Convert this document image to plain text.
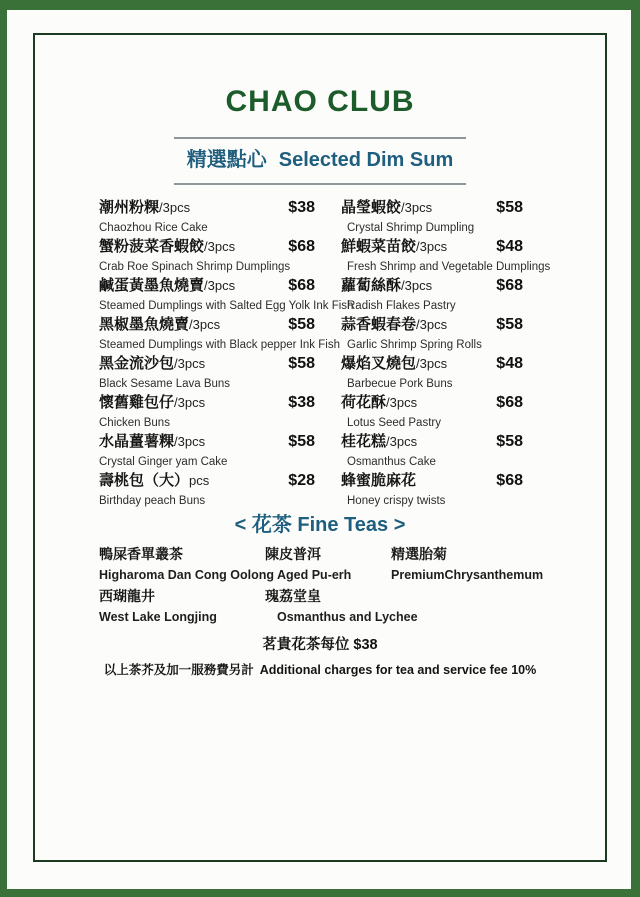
CHAO CLUB
精選點心 Selected Dim Sum
潮州粉粿 /3pcs	$38
Chaozhou Rice Cake
蟹粉菠菜香蝦餃 /3pcs	$68
Crab Roe Spinach Shrimp Dumplings
鹹蛋黃墨魚燒賣 /3pcs	$68
Steamed Dumplings with Salted Egg Yolk Ink Fish
黑椒墨魚燒賣 /3pcs	$58
Steamed Dumplings with Black pepper Ink Fish
黑金流沙包 /3pcs	$58
Black Sesame Lava Buns
懷舊雞包仔 /3pcs	$38
Chicken Buns
水晶薑薯粿 /3pcs	$58
Crystal Ginger yam Cake
壽桃包（大） pcs	$28
Birthday peach Buns
晶瑩蝦餃 /3pcs	$58
Crystal Shrimp Dumpling
鮮蝦菜苗餃 /3pcs	$48
Fresh Shrimp and Vegetable Dumplings
蘿蔔絲酥 /3pcs	$68
Radish Flakes Pastry
蒜香蝦春卷 /3pcs	$58
Garlic Shrimp Spring Rolls
爆焰叉燒包 /3pcs	$48
Barbecue Pork Buns
荷花酥 /3pcs	$68
Lotus Seed Pastry
桂花糕 /3pcs	$58
Osmanthus Cake
蜂蜜脆麻花	$68
Honey crispy twists
< 花茶 Fine Teas >
鴨屎香單叢茶
Higharoma Dan Cong Oolong
西瑚龍井
West Lake Longjing
陳皮普洱
Aged Pu-erh
瑰荔堂皇
Osmanthus and Lychee
精選胎菊
PremiumChrysanthemum
茗貴花茶每位 $38
以上茶芥及加一服務費另計 Additional charges for tea and service fee 10%
